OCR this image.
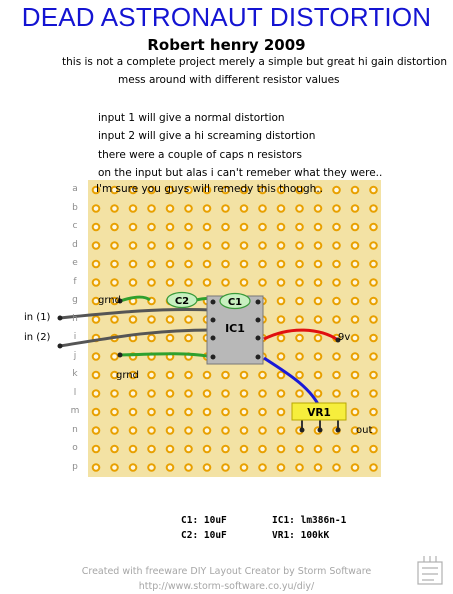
DEAD ASTRONAUT DISTORTION
Robert henry 2009
this is not a complete project merely a simple but great hi gain distortion
mess around with different resistor values
input 1 will give a normal distortion
input 2 will give a hi screaming distortion
there were a couple of caps n resistors
on the input but alas i can't remeber what they were..
C2
IC1
C1
VR1
a
b
c
d
e
f
g
h
i
j
k
l
m
n
o
p
I'm sure you guys will remedy this though..
grnd
grnd
in (1)
in (2)	9v
out
C1: 10uF
C2: 10uF
IC1: lm386n-1
VR1: 100kK
Created with freeware DIY Layout Creator by Storm Software
http://www.storm-software.co.yu/diy/
